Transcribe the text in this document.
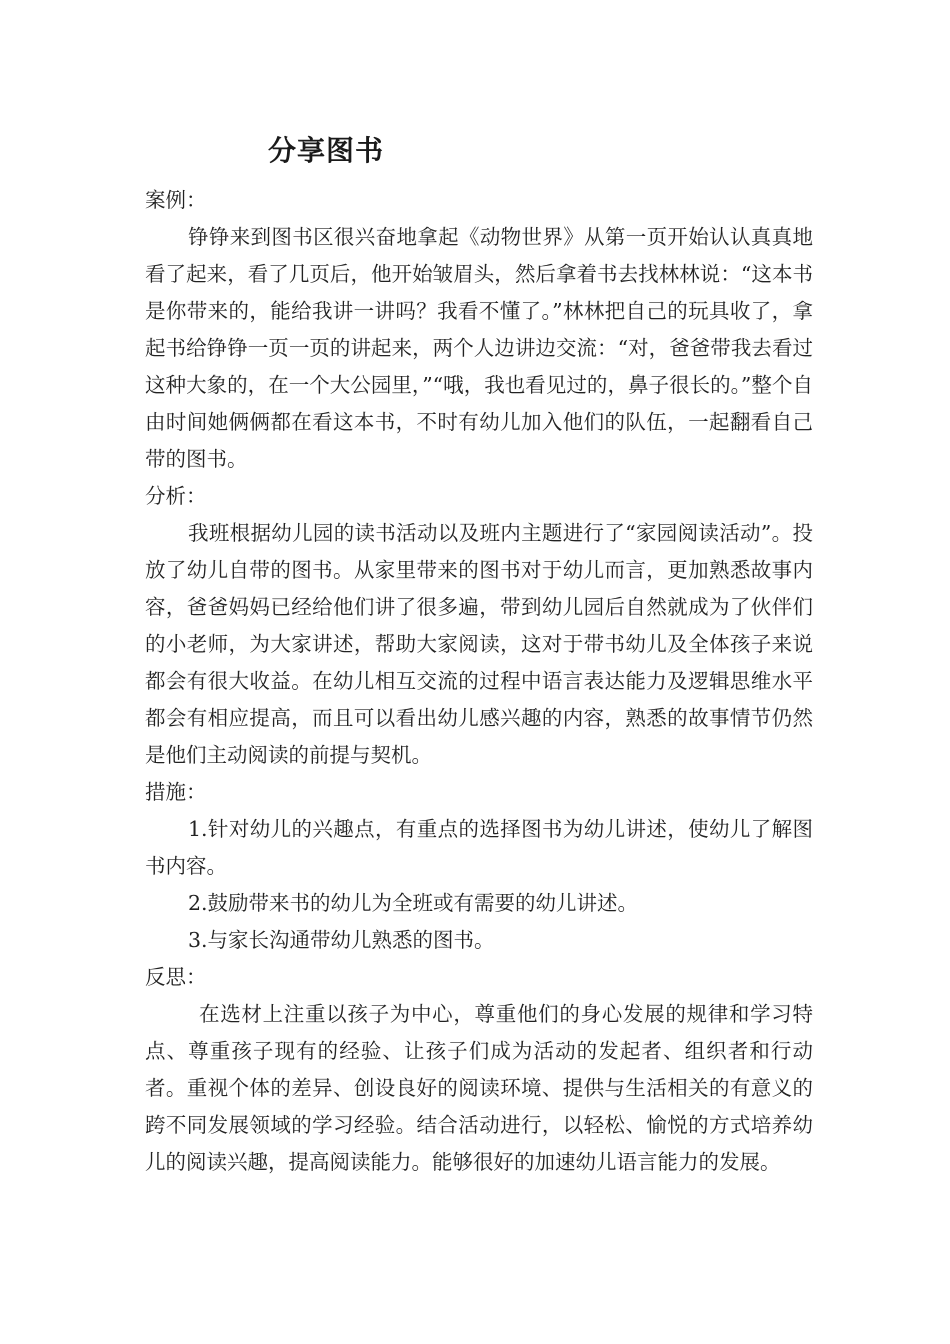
分享图书

案例：

铮铮来到图书区很兴奋地拿起《动物世界》从第一页开始认认真真地看了起来，看了几页后，他开始皱眉头，然后拿着书去找林林说：“这本书是你带来的，能给我讲一讲吗？我看不懂了。”林林把自己的玩具收了，拿起书给铮铮一页一页的讲起来，两个人边讲边交流：“对，爸爸带我去看过这种大象的，在一个大公园里，”“哦，我也看见过的，鼻子很长的。”整个自由时间她俩俩都在看这本书，不时有幼儿加入他们的队伍，一起翻看自己带的图书。

分析：

我班根据幼儿园的读书活动以及班内主题进行了“家园阅读活动”。投放了幼儿自带的图书。从家里带来的图书对于幼儿而言，更加熟悉故事内容，爸爸妈妈已经给他们讲了很多遍，带到幼儿园后自然就成为了伙伴们的小老师，为大家讲述，帮助大家阅读，这对于带书幼儿及全体孩子来说都会有很大收益。在幼儿相互交流的过程中语言表达能力及逻辑思维水平都会有相应提高，而且可以看出幼儿感兴趣的内容，熟悉的故事情节仍然是他们主动阅读的前提与契机。

措施：

1.针对幼儿的兴趣点，有重点的选择图书为幼儿讲述，使幼儿了解图书内容。

2.鼓励带来书的幼儿为全班或有需要的幼儿讲述。

3.与家长沟通带幼儿熟悉的图书。

反思：

在选材上注重以孩子为中心，尊重他们的身心发展的规律和学习特点、尊重孩子现有的经验、让孩子们成为活动的发起者、组织者和行动者。重视个体的差异、创设良好的阅读环境、提供与生活相关的有意义的跨不同发展领域的学习经验。结合活动进行，以轻松、愉悦的方式培养幼儿的阅读兴趣，提高阅读能力。能够很好的加速幼儿语言能力的发展。
